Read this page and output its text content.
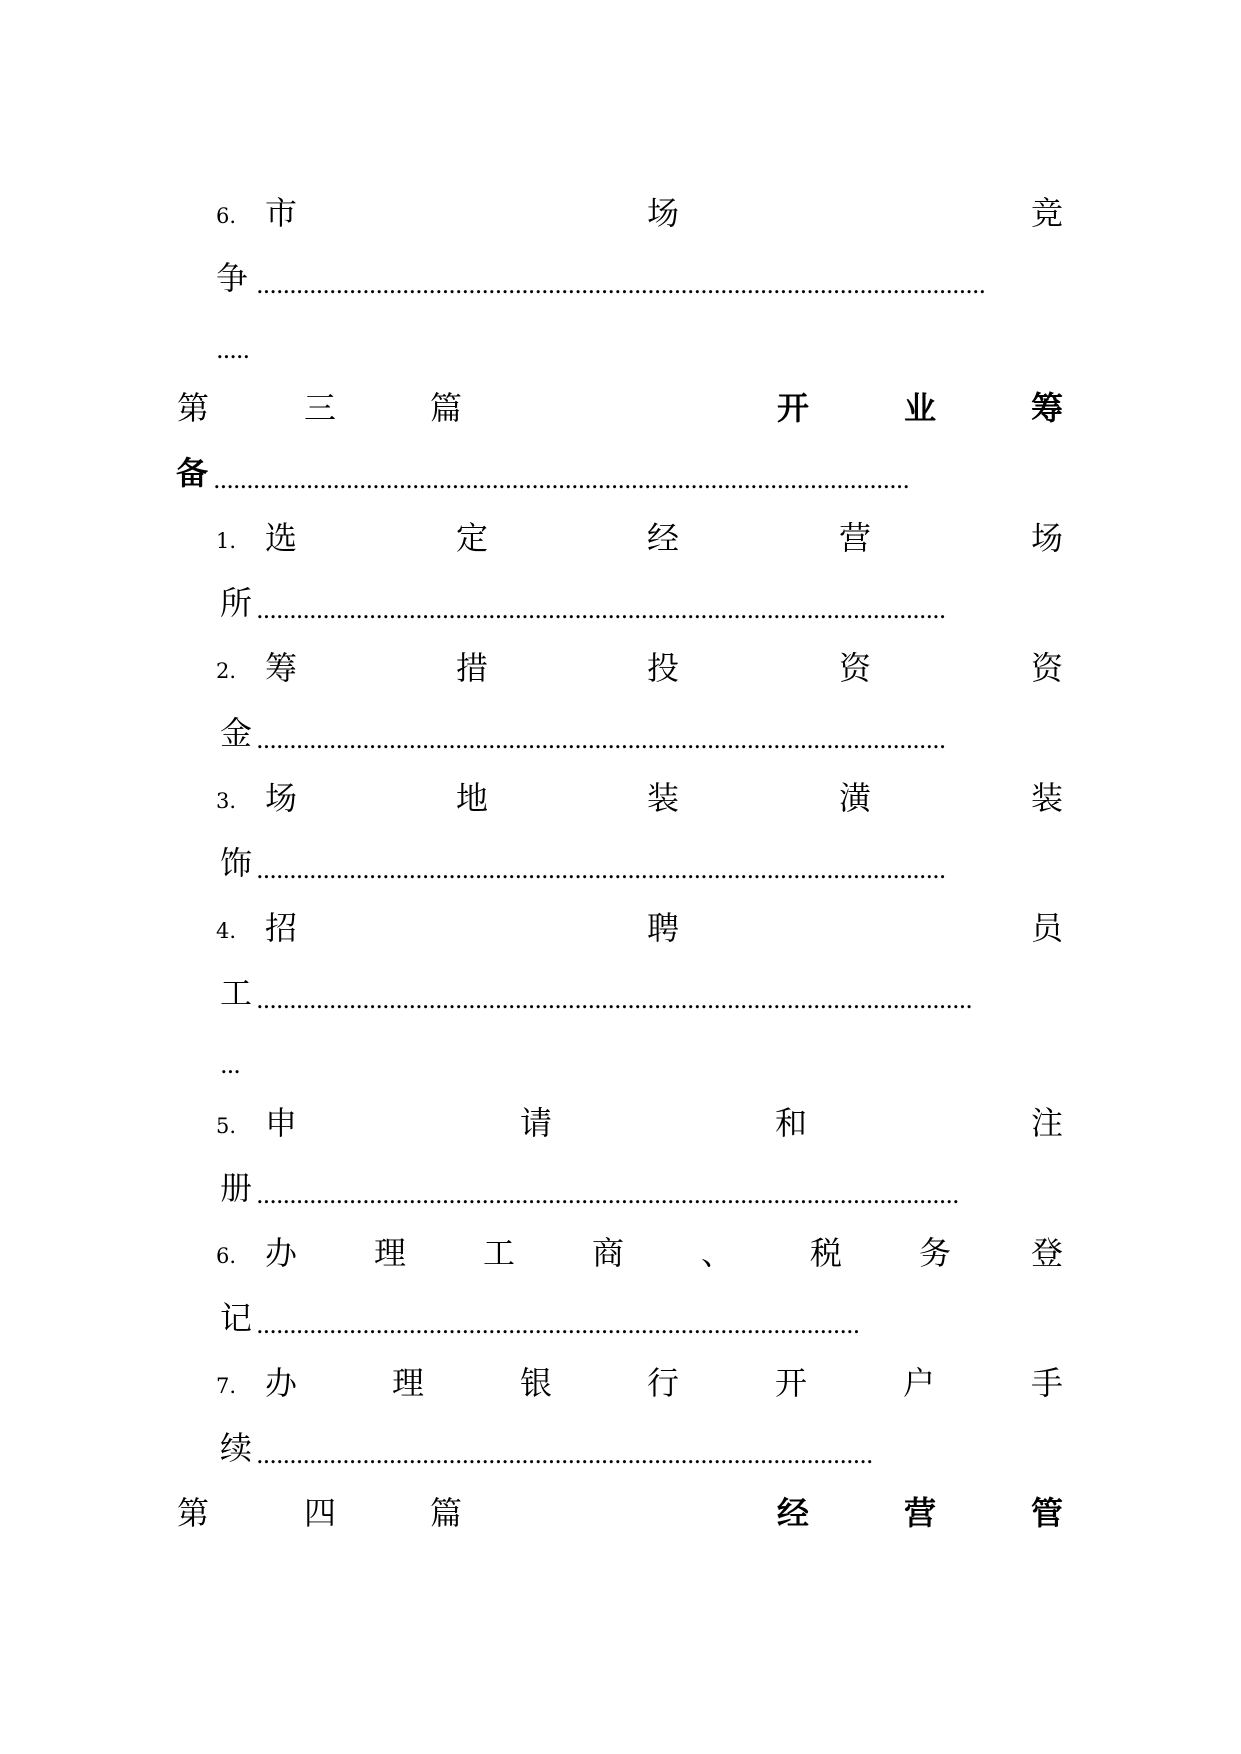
6. 市	场	竞
争 ..............................................................................................................
.....
第	三	篇	开	业	筹
备 .........................................................................................................
1. 选	定	经	营	场
所 ........................................................................................................
2. 筹	措	投	资	资
金 ........................................................................................................
3. 场	地	装	潢	装
饰 ........................................................................................................
4. 招	聘	员
工 ............................................................................................................
...
5. 申	请	和	注
册 ..........................................................................................................
6. 办 理 工 商 、 税 务 登
记 ...........................................................................................
7. 办	理	银	行	开	户	手
续 .............................................................................................
第	四	篇	经	营	管
